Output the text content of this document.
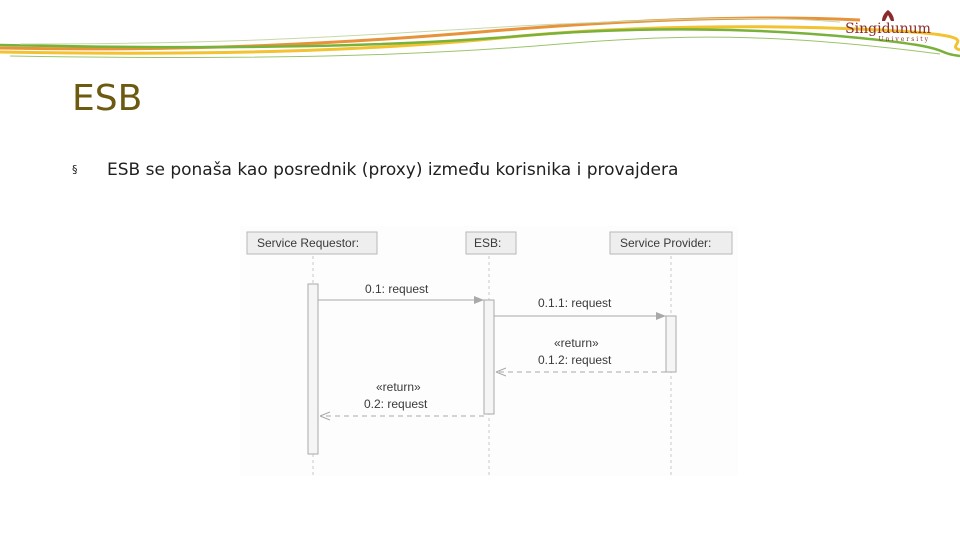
Singidunum
University
ESB
§ ESB se ponaša kao posrednik (proxy) između korisnika i provajdera
Service Requestor:	ESB:	Service Provider:
0.1: request
0.1.1: request
«return»
0.1.2: request
«return»
0.2: request
